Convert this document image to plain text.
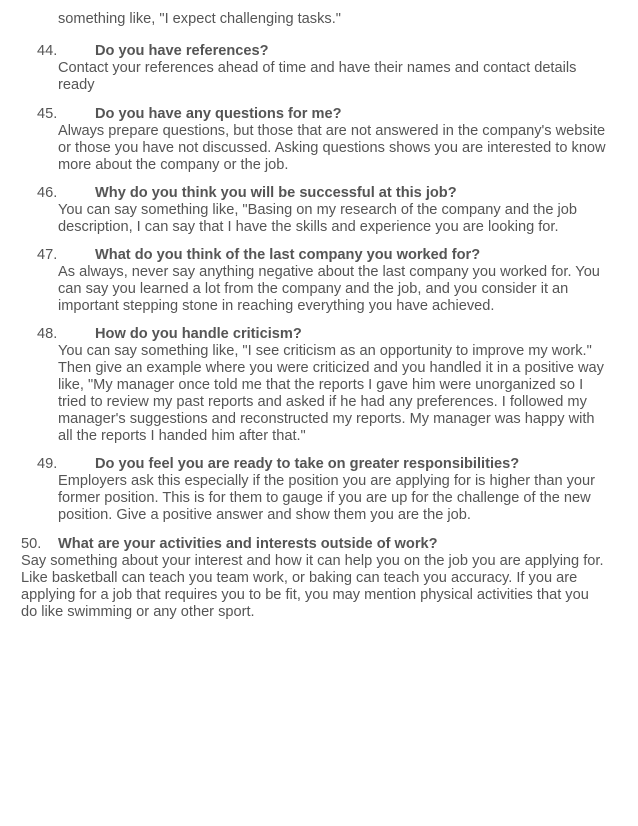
something like, "I expect challenging tasks."
44.	Do you have references?
Contact your references ahead of time and have their names and contact details
ready
45.	Do you have any questions for me?
Always prepare questions, but those that are not answered in the company's website
or those you have not discussed. Asking questions shows you are interested to know
more about the company or the job.
46.	Why do you think you will be successful at this job?
You can say something like, "Basing on my research of the company and the job
description, I can say that I have the skills and experience you are looking for.
47.	What do you think of the last company you worked for?
As always, never say anything negative about the last company you worked for. You
can say you learned a lot from the company and the job, and you consider it an
important stepping stone in reaching everything you have achieved.
48.	How do you handle criticism?
You can say something like, "I see criticism as an opportunity to improve my work."
Then give an example where you were criticized and you handled it in a positive way
like, "My manager once told me that the reports I gave him were unorganized so I
tried to review my past reports and asked if he had any preferences. I followed my
manager's suggestions and reconstructed my reports. My manager was happy with
all the reports I handed him after that."
49.	Do you feel you are ready to take on greater responsibilities?
Employers ask this especially if the position you are applying for is higher than your
former position. This is for them to gauge if you are up for the challenge of the new
position. Give a positive answer and show them you are the job.
50. What are your activities and interests outside of work?
Say something about your interest and how it can help you on the job you are applying for.
Like basketball can teach you team work, or baking can teach you accuracy. If you are
applying for a job that requires you to be fit, you may mention physical activities that you
do like swimming or any other sport.
